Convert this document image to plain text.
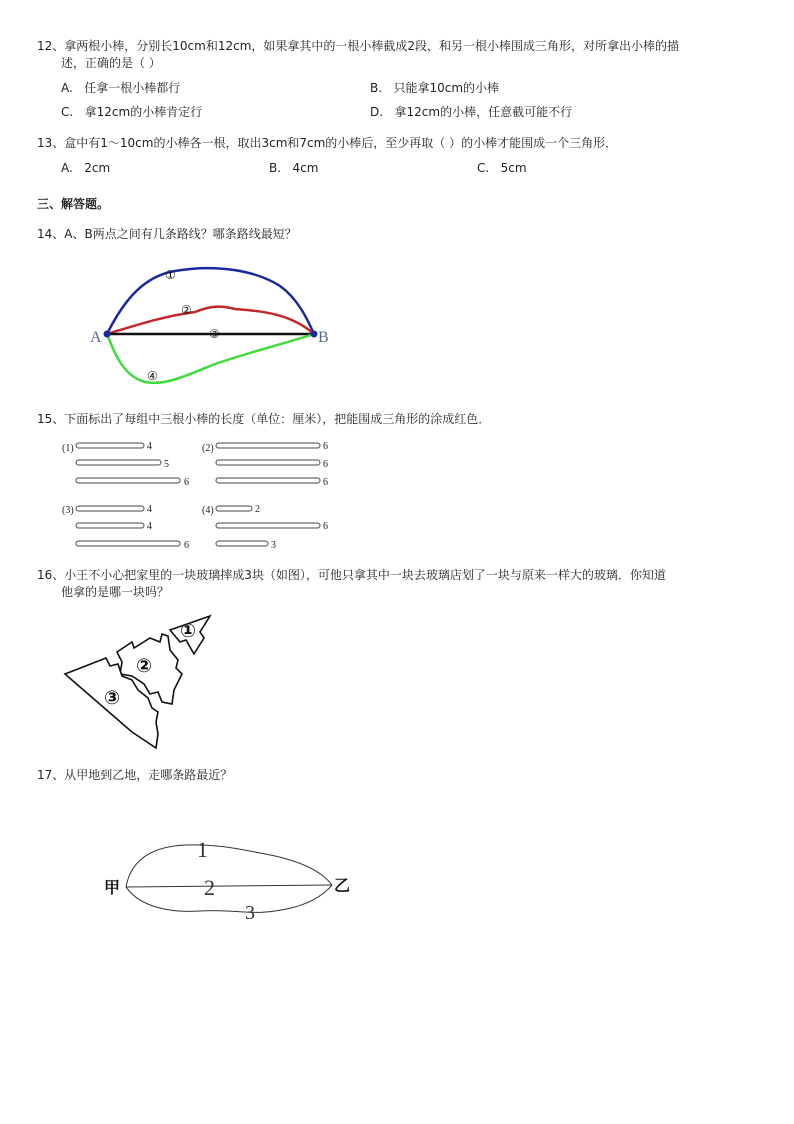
12、拿两根小棒，分别长10cm和12cm，如果拿其中的一根小棒截成2段，和另一根小棒围成三角形，对所拿出小棒的描
述，正确的是（ ）
A. 任拿一根小棒都行	B. 只能拿10cm的小棒
C. 拿12cm的小棒肯定行	D. 拿12cm的小棒，任意截可能不行
13、盒中有1～10cm的小棒各一根，取出3cm和7cm的小棒后，至少再取（ ）的小棒才能围成一个三角形．
A. 2cm	B. 4cm	C. 5cm
三、解答题。
14、A、B两点之间有几条路线？哪条路线最短？
A	B
①
②
③
④
15、下面标出了每组中三根小棒的长度（单位：厘米），把能围成三角形的涂成红色．
(1)	4
5
6
(2)	6
6
6
(3)	4
4
6
(4)	2
6
3
16、小王不小心把家里的一块玻璃摔成3块（如图），可他只拿其中一块去玻璃店划了一块与原来一样大的玻璃．你知道
他拿的是哪一块吗？
①
②
③
17、从甲地到乙地，走哪条路最近？
甲	乙
1
2
3
